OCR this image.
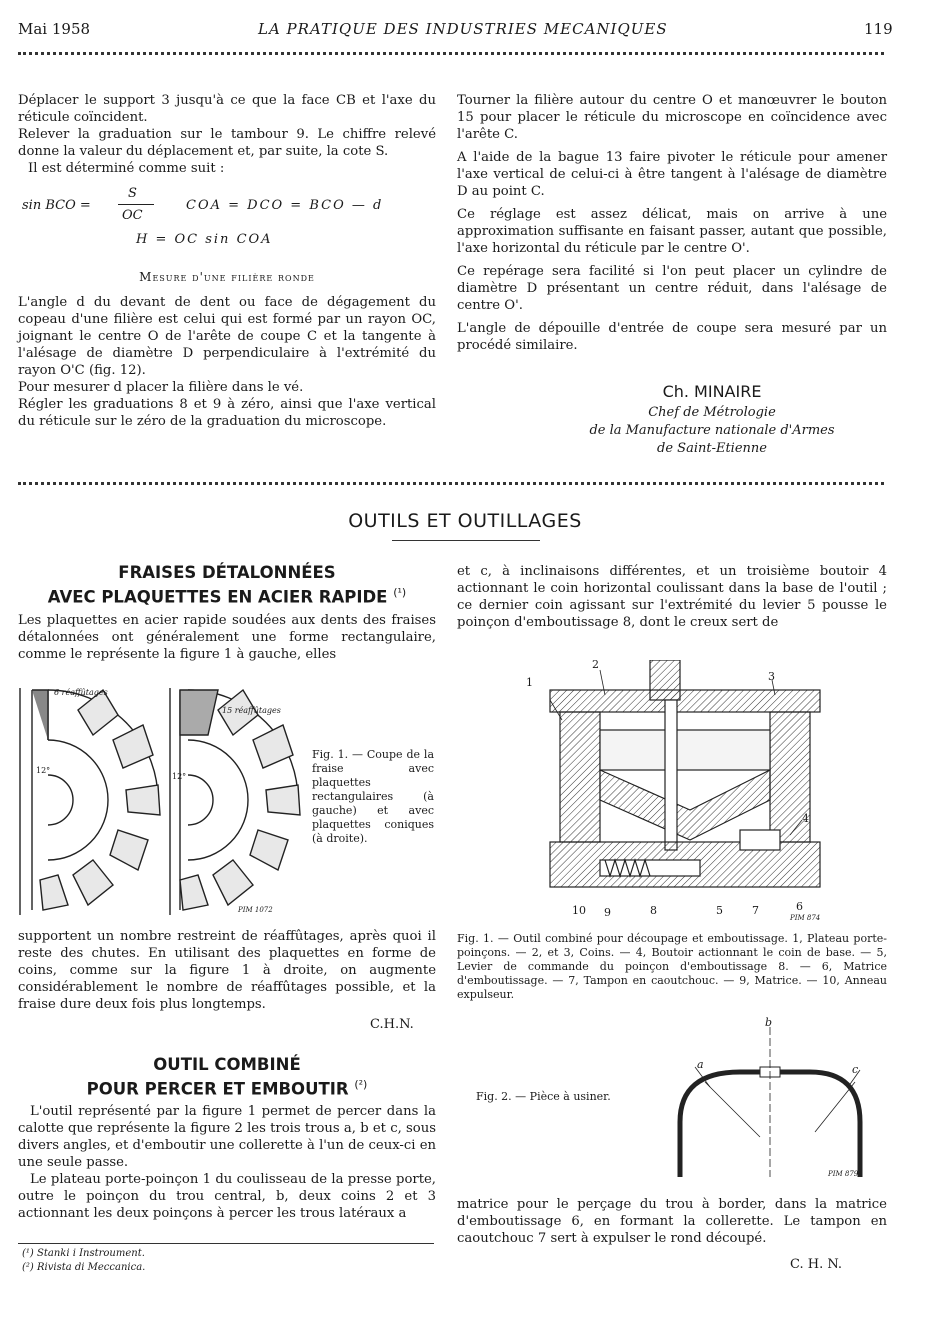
Mai 1958	LA PRATIQUE DES INDUSTRIES MECANIQUES	119

Déplacer le support 3 jusqu'à ce que la face CB et l'axe du réticule coïncident.

Relever la graduation sur le tambour 9. Le chiffre relevé donne la valeur du déplacement et, par suite, la cote S.

Il est déterminé comme suit :

sin BCO =
S
OC
COA = DCO = BCO — d
H = OC sin COA
Mesure d'une filière ronde

L'angle d du devant de dent ou face de dégagement du copeau d'une filière est celui qui est formé par un rayon OC, joignant le centre O de l'arête de coupe C et la tangente à l'alésage de diamètre D perpendiculaire à l'extrémité du rayon O'C (fig. 12).

Pour mesurer d placer la filière dans le vé.

Régler les graduations 8 et 9 à zéro, ainsi que l'axe vertical du réticule sur le zéro de la graduation du microscope.

Tourner la filière autour du centre O et manœuvrer le bouton 15 pour placer le réticule du microscope en coïncidence avec l'arête C.

A l'aide de la bague 13 faire pivoter le réticule pour amener l'axe vertical de celui-ci à être tangent à l'alésage de diamètre D au point C.

Ce réglage est assez délicat, mais on arrive à une approximation suffisante en faisant passer, autant que possible, l'axe horizontal du réticule par le centre O'.

Ce repérage sera facilité si l'on peut placer un cylindre de diamètre D présentant un centre réduit, dans l'alésage de centre O'.

L'angle de dépouille d'entrée de coupe sera mesuré par un procédé similaire.

Ch. MINAIRE
Chef de Métrologie
de la Manufacture nationale d'Armes
de Saint-Etienne
OUTILS ET OUTILLAGES
FRAISES DÉTALONNÉES
AVEC PLAQUETTES EN ACIER RAPIDE $^{(^1)}$

Les plaquettes en acier rapide soudées aux dents des fraises détalonnées ont généralement une forme rectangulaire, comme le représente la figure 1 à gauche, elles

6 réaffûtages
15 réaffûtages
12°
12°
PIM 1072
Fig. 1. — Coupe de la fraise avec plaquettes rectangulaires (à gauche) et avec plaquettes coniques (à droite).

supportent un nombre restreint de réaffûtages, après quoi il reste des chutes. En utilisant des plaquettes en forme de coins, comme sur la figure 1 à droite, on augmente considérablement le nombre de réaffûtages possible, et la fraise dure deux fois plus longtemps.

C.H.N.
OUTIL COMBINÉ
POUR PERCER ET EMBOUTIR $^{(^2)}$

L'outil représenté par la figure 1 permet de percer dans la calotte que représente la figure 2 les trois trous a, b et c, sous divers angles, et d'emboutir une collerette à l'un de ceux-ci en une seule passe.

Le plateau porte-poinçon 1 du coulisseau de la presse porte, outre le poinçon du trou central, b, deux coins 2 et 3 actionnant les deux poinçons à percer les trous latéraux a

(¹) Stanki i Instroument.
(²) Rivista di Meccanica.

et c, à inclinaisons différentes, et un troisième boutoir 4 actionnant le coin horizontal coulissant dans la base de l'outil ; ce dernier coin agissant sur l'extrémité du levier 5 pousse le poinçon d'emboutissage 8, dont le creux sert de

1
2
3
4
10 9	8	5	7	6
PIM 874
Fig. 1. — Outil combiné pour découpage et emboutissage. 1, Plateau porte-poinçons. — 2, et 3, Coins. — 4, Boutoir actionnant le coin de base. — 5, Levier de commande du poinçon d'emboutissage 8. — 6, Matrice d'emboutissage. — 7, Tampon en caoutchouc. — 9, Matrice. — 10, Anneau expulseur.
b
a	c
PIM 879
Fig. 2. — Pièce à usiner.

matrice pour le perçage du trou à border, dans la matrice d'emboutissage 6, en formant la collerette. Le tampon en caoutchouc 7 sert à expulser le rond découpé.

C. H. N.
